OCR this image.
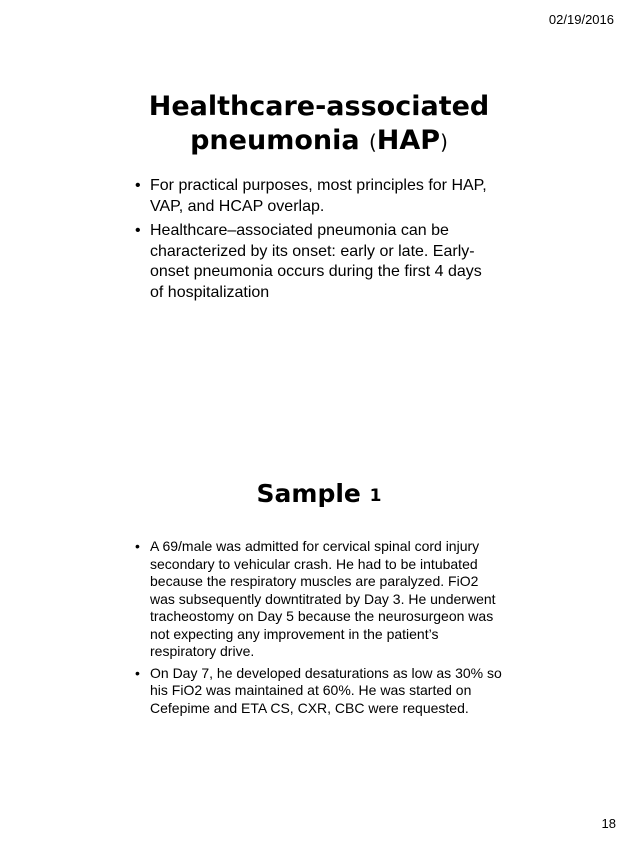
02/19/2016
Healthcare-associated
pneumonia (HAP)
• For practical purposes, most principles for HAP, VAP, and HCAP overlap.
• Healthcare–associated pneumonia can be characterized by its onset: early or late. Early-onset pneumonia occurs during the first 4 days of hospitalization
Sample 1
• A 69/male was admitted for cervical spinal cord injury secondary to vehicular crash. He had to be intubated because the respiratory muscles are paralyzed. FiO2 was subsequently downtitrated by Day 3. He underwent tracheostomy on Day 5 because the neurosurgeon was not expecting any improvement in the patient’s respiratory drive.
• On Day 7, he developed desaturations as low as 30% so his FiO2 was maintained at 60%. He was started on Cefepime and ETA CS, CXR, CBC were requested.
18
